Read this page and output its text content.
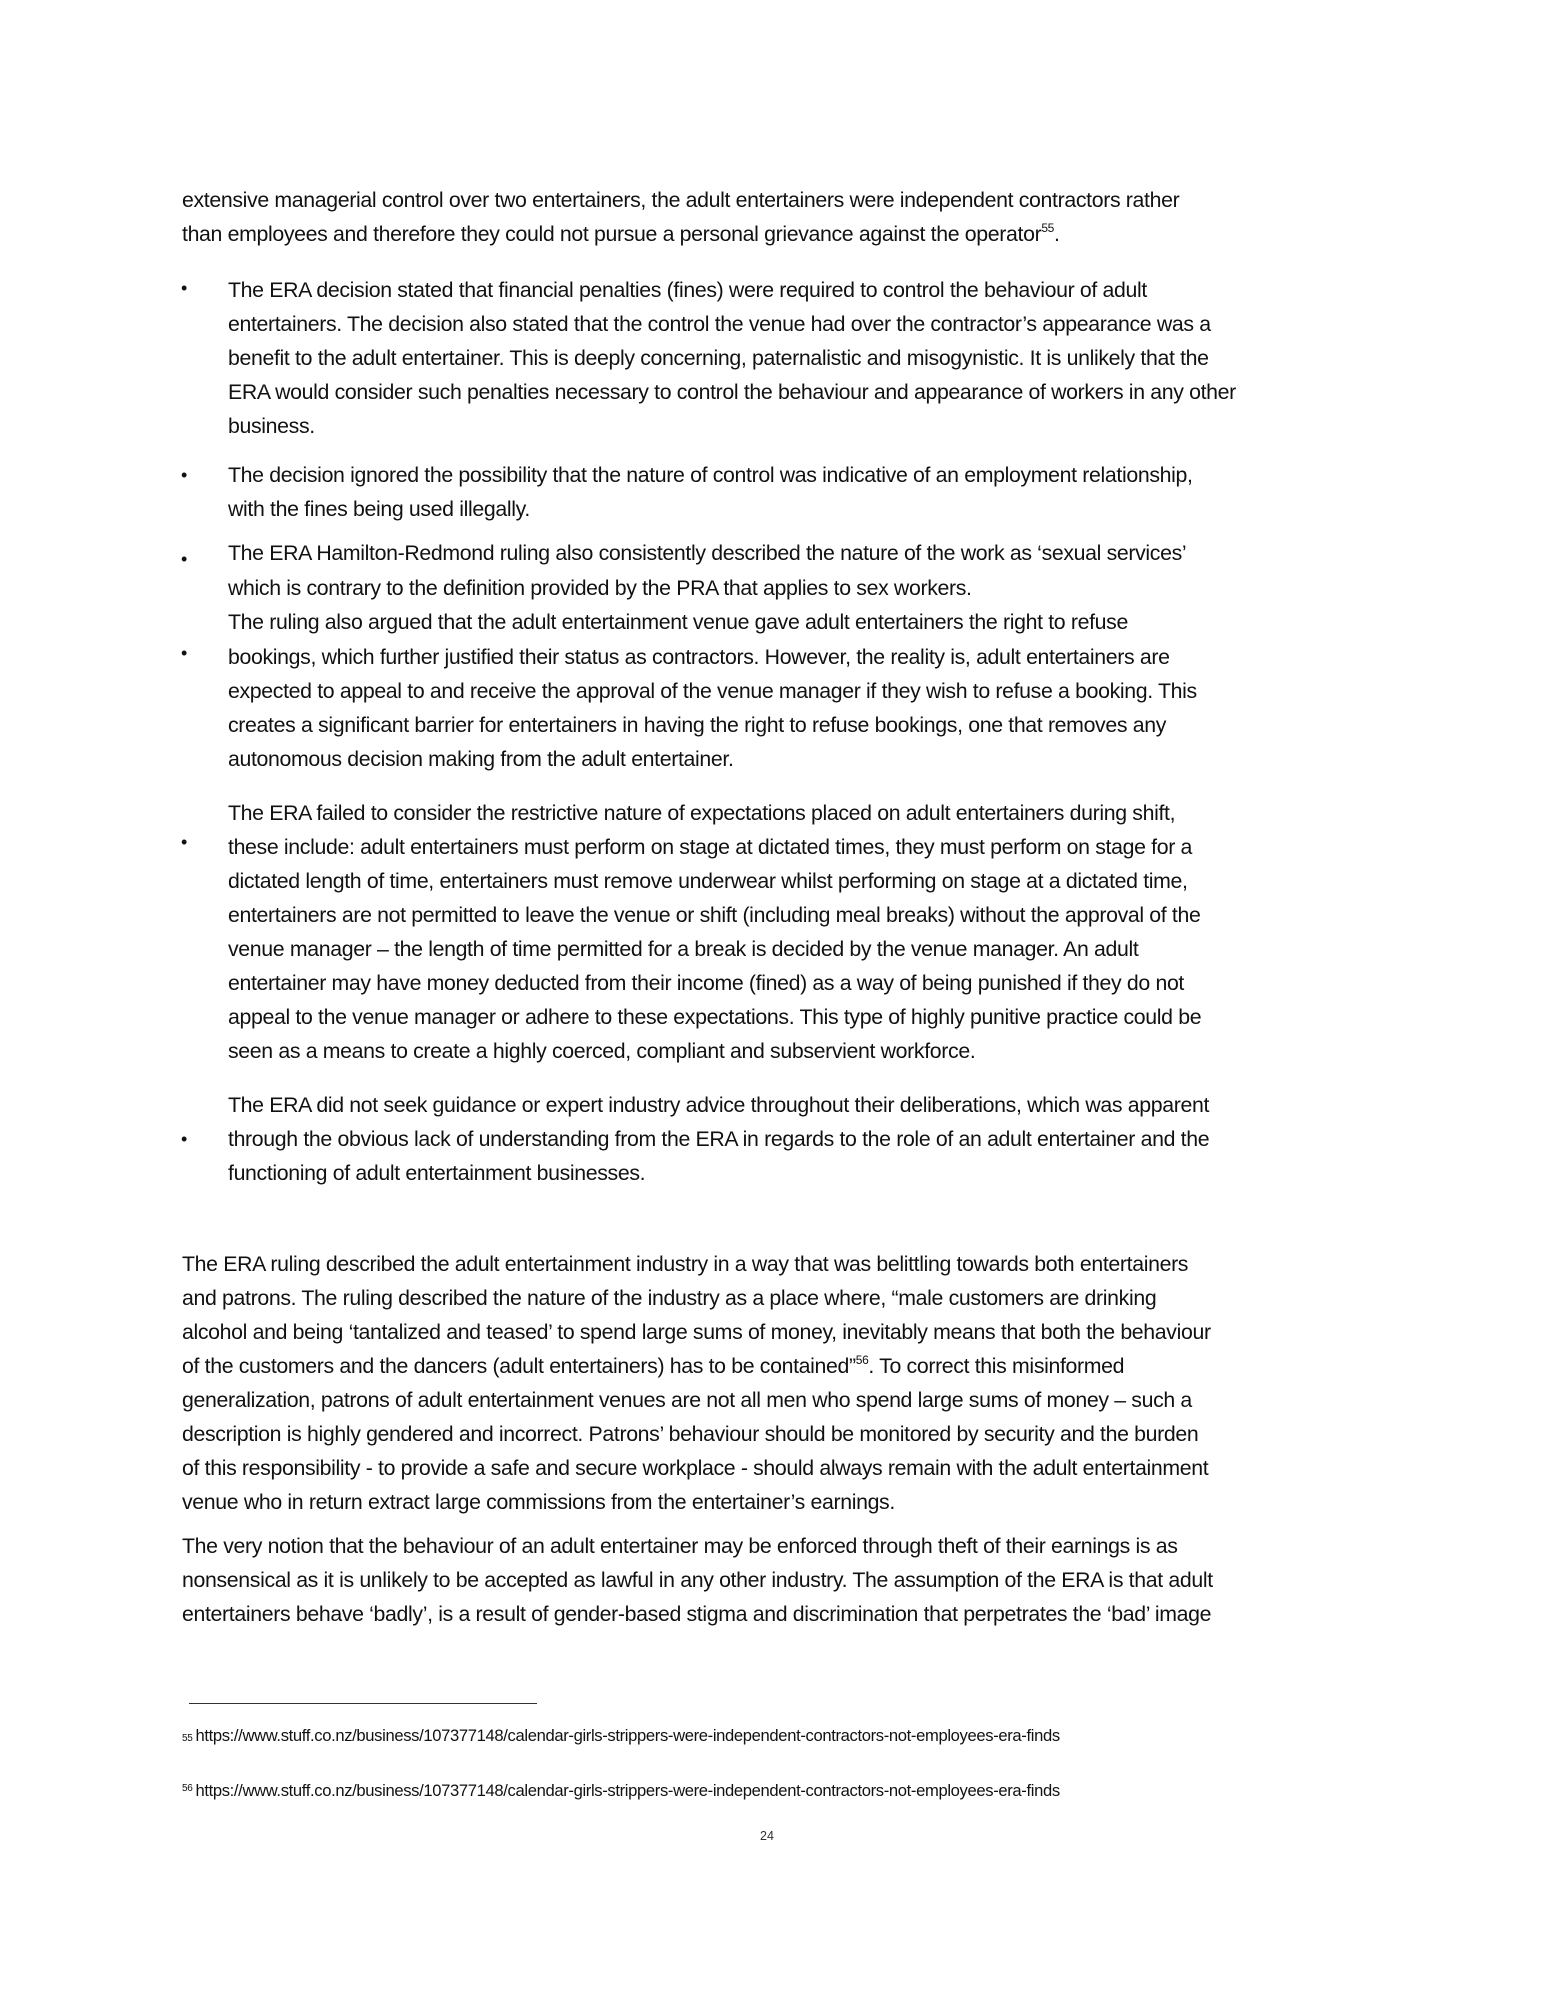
extensive managerial control over two entertainers, the adult entertainers were independent contractors rather
than employees and therefore they could not pursue a personal grievance against the operator$^{55}$.
• The ERA decision stated that financial penalties (fines) were required to control the behaviour of adult
entertainers. The decision also stated that the control the venue had over the contractor’s appearance was a
benefit to the adult entertainer. This is deeply concerning, paternalistic and misogynistic. It is unlikely that the
ERA would consider such penalties necessary to control the behaviour and appearance of workers in any other
business.
• The decision ignored the possibility that the nature of control was indicative of an employment relationship,
with the fines being used illegally.
• The ERA Hamilton-Redmond ruling also consistently described the nature of the work as ‘sexual services’
which is contrary to the definition provided by the PRA that applies to sex workers.
•
The ruling also argued that the adult entertainment venue gave adult entertainers the right to refuse
bookings, which further justified their status as contractors. However, the reality is, adult entertainers are
expected to appeal to and receive the approval of the venue manager if they wish to refuse a booking. This
creates a significant barrier for entertainers in having the right to refuse bookings, one that removes any
autonomous decision making from the adult entertainer.
•
The ERA failed to consider the restrictive nature of expectations placed on adult entertainers during shift,
these include: adult entertainers must perform on stage at dictated times, they must perform on stage for a
dictated length of time, entertainers must remove underwear whilst performing on stage at a dictated time,
entertainers are not permitted to leave the venue or shift (including meal breaks) without the approval of the
venue manager – the length of time permitted for a break is decided by the venue manager. An adult
entertainer may have money deducted from their income (fined) as a way of being punished if they do not
appeal to the venue manager or adhere to these expectations. This type of highly punitive practice could be
seen as a means to create a highly coerced, compliant and subservient workforce.
•
The ERA did not seek guidance or expert industry advice throughout their deliberations, which was apparent
through the obvious lack of understanding from the ERA in regards to the role of an adult entertainer and the
functioning of adult entertainment businesses.
The ERA ruling described the adult entertainment industry in a way that was belittling towards both entertainers
and patrons. The ruling described the nature of the industry as a place where, “male customers are drinking
alcohol and being ‘tantalized and teased’ to spend large sums of money, inevitably means that both the behaviour
of the customers and the dancers (adult entertainers) has to be contained”$^{56}$. To correct this misinformed
generalization, patrons of adult entertainment venues are not all men who spend large sums of money – such a
description is highly gendered and incorrect. Patrons’ behaviour should be monitored by security and the burden
of this responsibility - to provide a safe and secure workplace - should always remain with the adult entertainment
venue who in return extract large commissions from the entertainer’s earnings.
The very notion that the behaviour of an adult entertainer may be enforced through theft of their earnings is as
nonsensical as it is unlikely to be accepted as lawful in any other industry. The assumption of the ERA is that adult
entertainers behave ‘badly’, is a result of gender-based stigma and discrimination that perpetrates the ‘bad’ image
55 https://www.stuff.co.nz/business/107377148/calendar-girls-strippers-were-independent-contractors-not-employees-era-finds
$^{56}$ https://www.stuff.co.nz/business/107377148/calendar-girls-strippers-were-independent-contractors-not-employees-era-finds
24
